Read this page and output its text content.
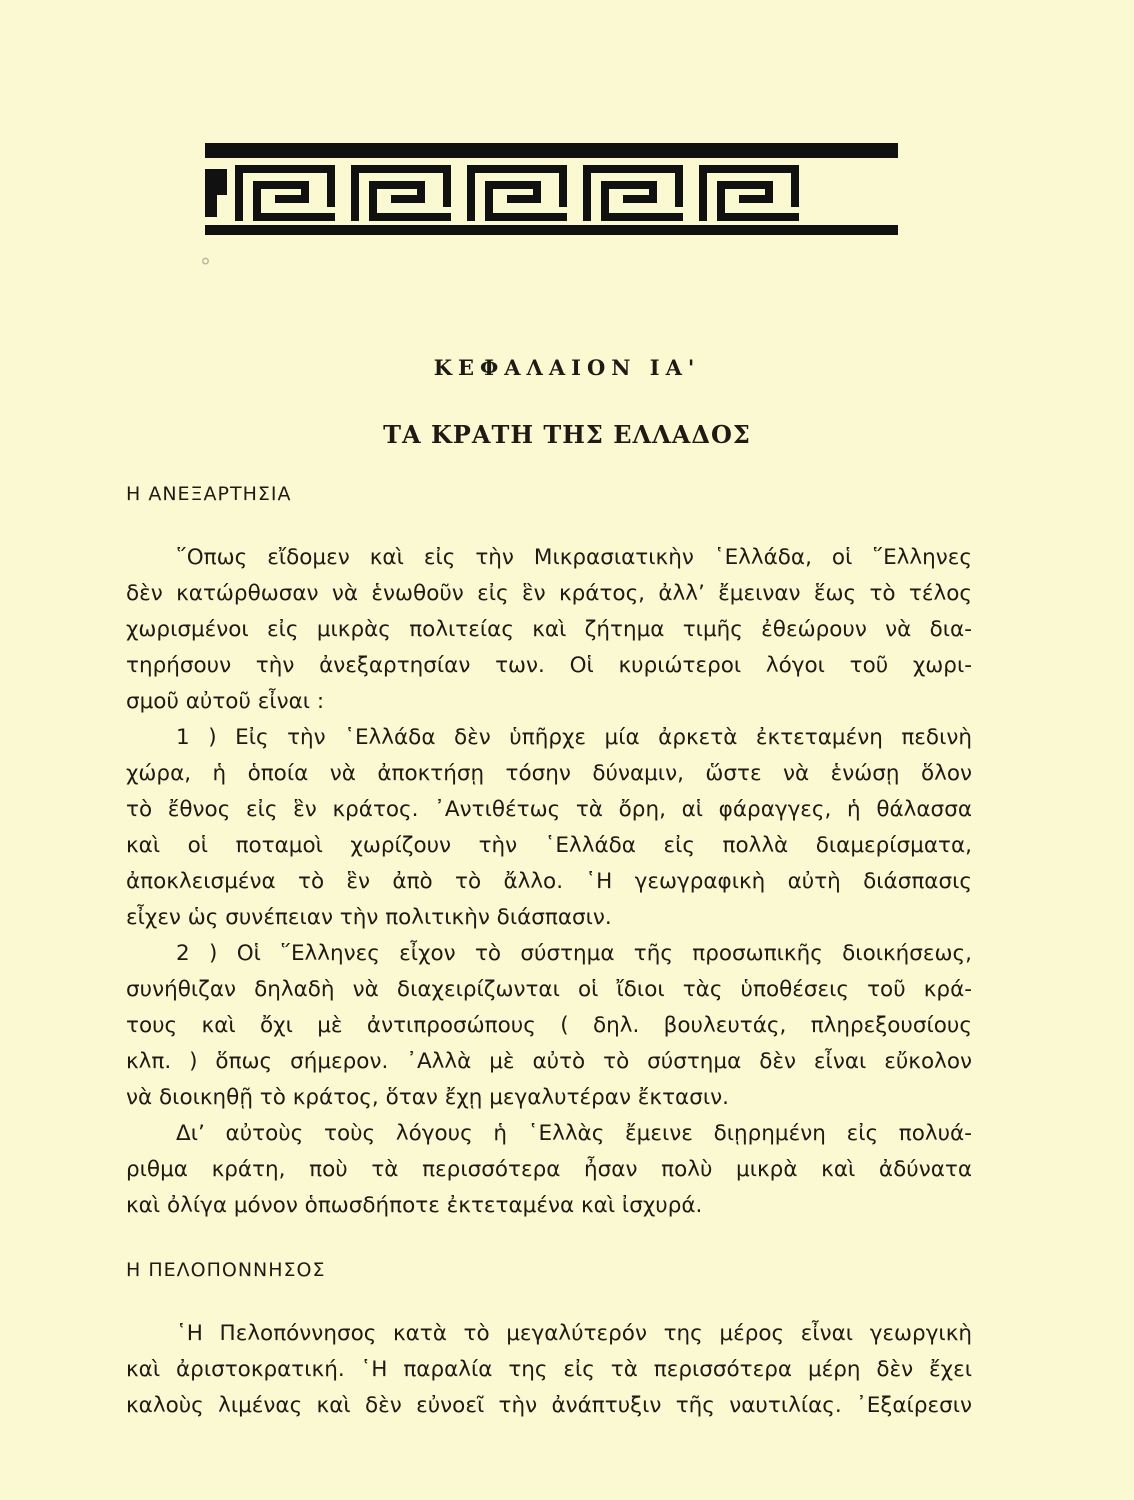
°
ΚΕΦΑΛΑΙΟΝ ΙΑ'
ΤΑ ΚΡΑΤΗ ΤΗΣ ΕΛΛΑΔΟΣ
Η ΑΝΕΞΑΡΤΗΣΙΑ
῞Οπως εἴδομεν καὶ εἰς τὴν Μικρασιατικὴν ῾Ελλάδα, οἱ ῞Ελληνες
δὲν κατώρθωσαν νὰ ἑνωθοῦν εἰς ἓν κράτος, ἀλλ’ ἔμειναν ἕως τὸ τέλος
χωρισμένοι εἰς μικρὰς πολιτείας καὶ ζήτημα τιμῆς ἐθεώρουν νὰ δια-
τηρήσουν τὴν ἀνεξαρτησίαν των. Οἱ κυριώτεροι λόγοι τοῦ χωρι-
σμοῦ αὐτοῦ εἶναι :
1 ) Εἰς τὴν ῾Ελλάδα δὲν ὑπῆρχε μία ἀρκετὰ ἐκτεταμένη πεδινὴ
χώρα, ἡ ὁποία νὰ ἀποκτήσῃ τόσην δύναμιν, ὥστε νὰ ἑνώσῃ ὅλον
τὸ ἔθνος εἰς ἓν κράτος. ᾿Αντιθέτως τὰ ὄρη, αἱ φάραγγες, ἡ θάλασσα
καὶ οἱ ποταμοὶ χωρίζουν τὴν ῾Ελλάδα εἰς πολλὰ διαμερίσματα,
ἀποκλεισμένα τὸ ἓν ἀπὸ τὸ ἄλλο. ῾Η γεωγραφικὴ αὐτὴ διάσπασις
εἶχεν ὡς συνέπειαν τὴν πολιτικὴν διάσπασιν.
2 ) Οἱ ῞Ελληνες εἶχον τὸ σύστημα τῆς προσωπικῆς διοικήσεως,
συνήθιζαν δηλαδὴ νὰ διαχειρίζωνται οἱ ἴδιοι τὰς ὑποθέσεις τοῦ κρά-
τους καὶ ὄχι μὲ ἀντιπροσώπους ( δηλ. βουλευτάς, πληρεξουσίους
κλπ. ) ὅπως σήμερον. ᾿Αλλὰ μὲ αὐτὸ τὸ σύστημα δὲν εἶναι εὔκολον
νὰ διοικηθῇ τὸ κράτος, ὅταν ἔχῃ μεγαλυτέραν ἔκτασιν.
Δι’ αὐτοὺς τοὺς λόγους ἡ ῾Ελλὰς ἔμεινε διῃρημένη εἰς πολυά-
ριθμα κράτη, ποὺ τὰ περισσότερα ἦσαν πολὺ μικρὰ καὶ ἀδύνατα
καὶ ὀλίγα μόνον ὁπωσδήποτε ἐκτεταμένα καὶ ἰσχυρά.
Η ΠΕΛΟΠΟΝΝΗΣΟΣ
῾Η Πελοπόννησος κατὰ τὸ μεγαλύτερόν της μέρος εἶναι γεωργικὴ
καὶ ἀριστοκρατική. ῾Η παραλία της εἰς τὰ περισσότερα μέρη δὲν ἔχει
καλοὺς λιμένας καὶ δὲν εὐνοεῖ τὴν ἀνάπτυξιν τῆς ναυτιλίας. ᾿Εξαίρεσιν
